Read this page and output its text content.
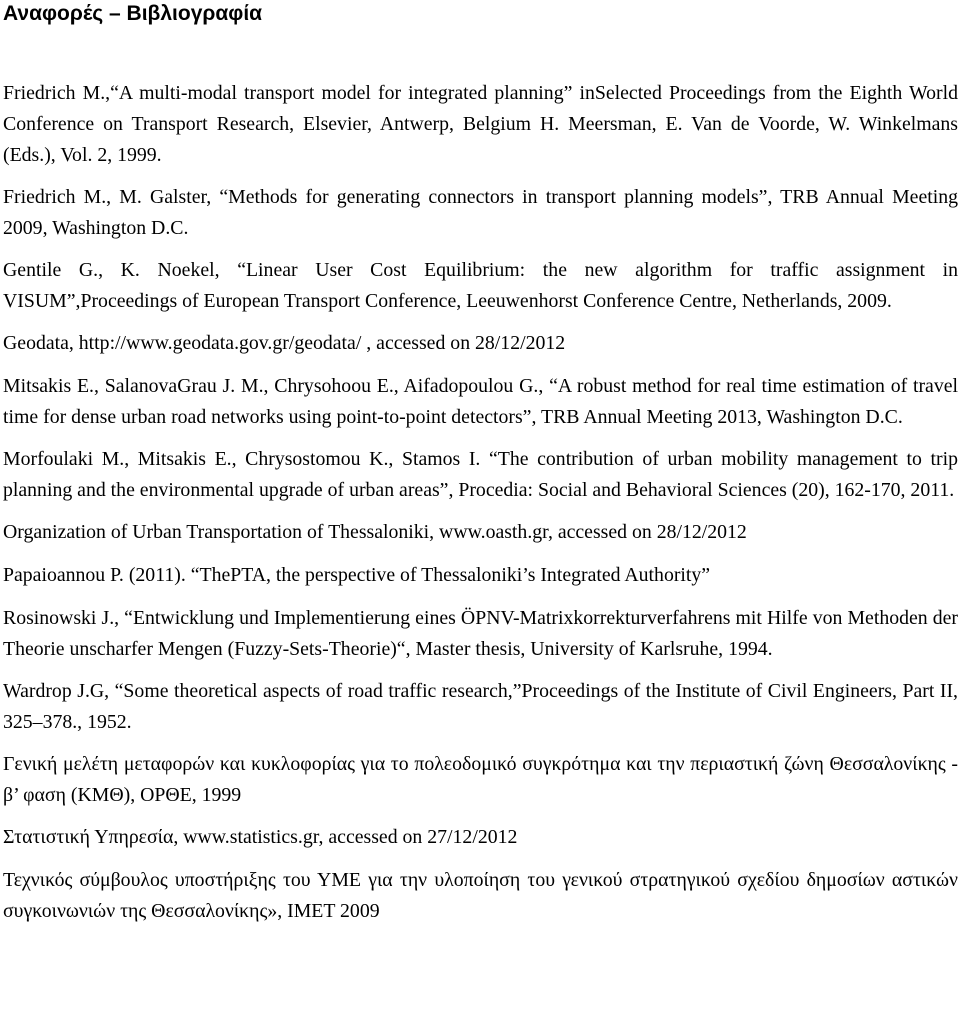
Αναφορές – Βιβλιογραφία
Friedrich M.,“A multi-modal transport model for integrated planning” inSelected Proceedings from the Eighth World Conference on Transport Research, Elsevier, Antwerp, Belgium H. Meersman, E. Van de Voorde, W. Winkelmans (Eds.), Vol. 2, 1999.
Friedrich M., M. Galster, “Methods for generating connectors in transport planning models”, TRB Annual Meeting 2009, Washington D.C.
Gentile G., K. Noekel, “Linear User Cost Equilibrium: the new algorithm for traffic assignment in VISUM”,Proceedings of European Transport Conference, Leeuwenhorst Conference Centre, Netherlands, 2009.
Geodata, http://www.geodata.gov.gr/geodata/ , accessed on 28/12/2012
Mitsakis E., SalanovaGrau J. M., Chrysohoou E., Aifadopoulou G., “A robust method for real time estimation of travel time for dense urban road networks using point-to-point detectors”, TRB Annual Meeting 2013, Washington D.C.
Morfoulaki M., Mitsakis E., Chrysostomou K., Stamos I. “The contribution of urban mobility management to trip planning and the environmental upgrade of urban areas”, Procedia: Social and Behavioral Sciences (20), 162-170, 2011.
Organization of Urban Transportation of Thessaloniki, www.oasth.gr, accessed on 28/12/2012
Papaioannou P. (2011). “ThePTA, the perspective of Thessaloniki’s Integrated Authority”
Rosinowski J., “Entwicklung und Implementierung eines ÖPNV-Matrixkorrekturverfahrens mit Hilfe von Methoden der Theorie unscharfer Mengen (Fuzzy-Sets-Theorie)“, Master thesis, University of Karlsruhe, 1994.
Wardrop J.G, “Some theoretical aspects of road traffic research,”Proceedings of the Institute of Civil Engineers, Part II, 325–378., 1952.
Γενική μελέτη μεταφορών και κυκλοφορίας για το πολεοδομικό συγκρότημα και την περιαστική ζώνη Θεσσαλονίκης - β’ φαση (ΚΜΘ), ΟΡΘΕ, 1999
Στατιστική Υπηρεσία, www.statistics.gr, accessed on 27/12/2012
Τεχνικός σύμβουλος υποστήριξης του ΥΜΕ για την υλοποίηση του γενικού στρατηγικού σχεδίου δημοσίων αστικών συγκοινωνιών της Θεσσαλονίκης», ΙΜΕΤ 2009
